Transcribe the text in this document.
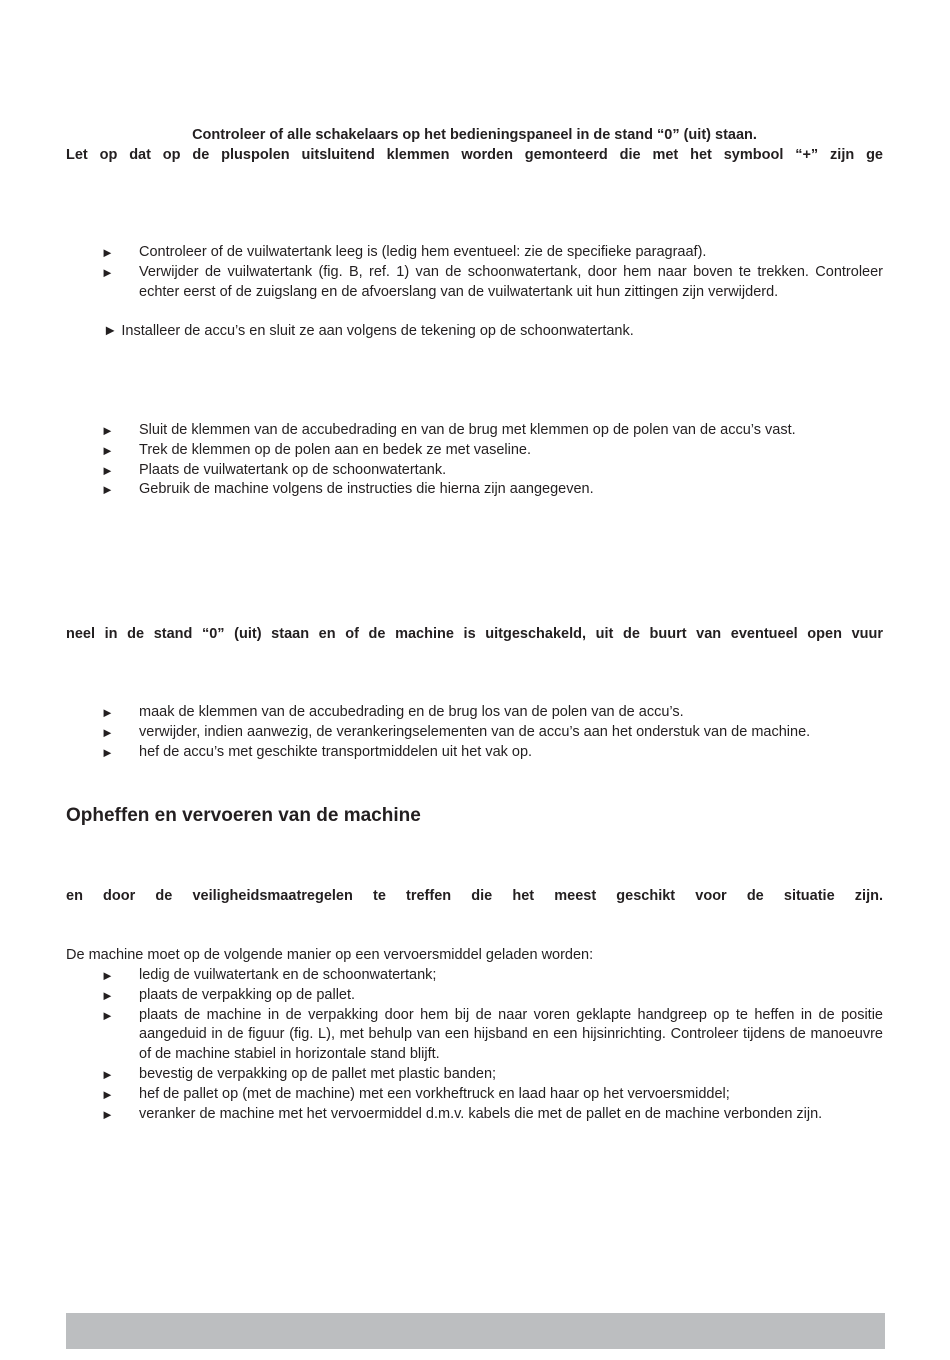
Controleer of alle schakelaars op het bedieningspaneel in de stand “0” (uit) staan.
Let op dat op de pluspolen uitsluitend klemmen worden gemonteerd die met het symbool “+” zijn ge
► Controleer of de vuilwatertank leeg is (ledig hem eventueel: zie de specifieke paragraaf).
► Verwijder de vuilwatertank (fig. B, ref. 1) van de schoonwatertank, door hem naar boven te trekken. Controleer echter eerst of de zuigslang en de afvoerslang van de vuilwatertank uit hun zittingen zijn verwijderd.
► Installeer de accu’s en sluit ze aan volgens de tekening op de schoonwatertank.
► Sluit de klemmen van de accubedrading en van de brug met klemmen op de polen van de accu’s vast.
► Trek de klemmen op de polen aan en bedek ze met vaseline.
► Plaats de vuilwatertank op de schoonwatertank.
► Gebruik de machine volgens de instructies die hierna zijn aangegeven.
neel in de stand “0” (uit) staan en of de machine is uitgeschakeld, uit de buurt van eventueel open vuur
► maak de klemmen van de accubedrading en de brug los van de polen van de accu’s.
► verwijder, indien aanwezig, de verankeringselementen van de accu’s aan het onderstuk van de machine.
► hef de accu’s met geschikte transportmiddelen uit het vak op.
Opheffen en vervoeren van de machine
en door de veiligheidsmaatregelen te treffen die het meest geschikt voor de situatie zijn.
De machine moet op de volgende manier op een vervoersmiddel geladen worden:
► ledig de vuilwatertank en de schoonwatertank;
► plaats de verpakking op de pallet.
► plaats de machine in de verpakking door hem bij de naar voren geklapte handgreep op te heffen in de positie aangeduid in de figuur (fig. L), met behulp van een hijsband en een hijsinrichting. Controleer tijdens de manoeuvre of de machine stabiel in horizontale stand blijft.
► bevestig de verpakking op de pallet met plastic banden;
► hef de pallet op (met de machine) met een vorkheftruck en laad haar op het vervoersmiddel;
► veranker de machine met het vervoermiddel d.m.v. kabels die met de pallet en de machine verbonden zijn.
